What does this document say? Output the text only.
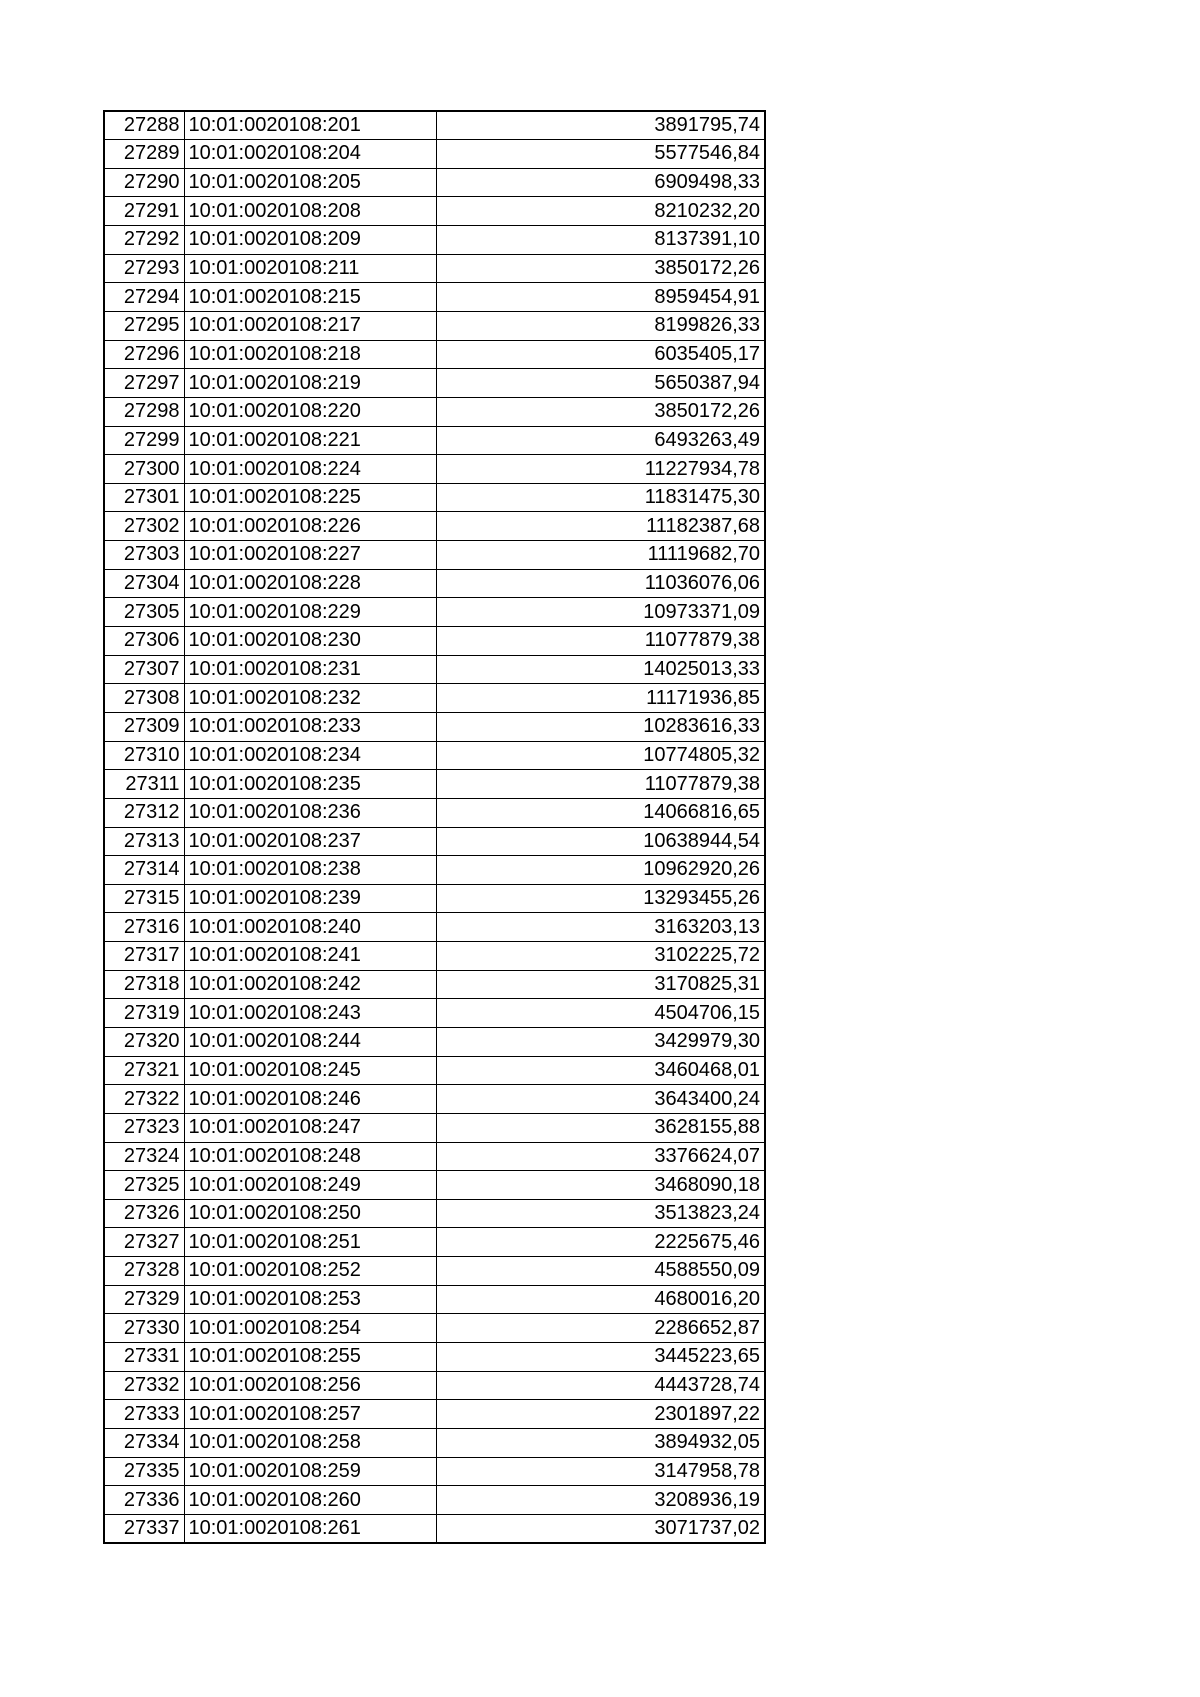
27288	10:01:0020108:201	3891795,74
27289	10:01:0020108:204	5577546,84
27290	10:01:0020108:205	6909498,33
27291	10:01:0020108:208	8210232,20
27292	10:01:0020108:209	8137391,10
27293	10:01:0020108:211	3850172,26
27294	10:01:0020108:215	8959454,91
27295	10:01:0020108:217	8199826,33
27296	10:01:0020108:218	6035405,17
27297	10:01:0020108:219	5650387,94
27298	10:01:0020108:220	3850172,26
27299	10:01:0020108:221	6493263,49
27300	10:01:0020108:224	11227934,78
27301	10:01:0020108:225	11831475,30
27302	10:01:0020108:226	11182387,68
27303	10:01:0020108:227	11119682,70
27304	10:01:0020108:228	11036076,06
27305	10:01:0020108:229	10973371,09
27306	10:01:0020108:230	11077879,38
27307	10:01:0020108:231	14025013,33
27308	10:01:0020108:232	11171936,85
27309	10:01:0020108:233	10283616,33
27310	10:01:0020108:234	10774805,32
27311	10:01:0020108:235	11077879,38
27312	10:01:0020108:236	14066816,65
27313	10:01:0020108:237	10638944,54
27314	10:01:0020108:238	10962920,26
27315	10:01:0020108:239	13293455,26
27316	10:01:0020108:240	3163203,13
27317	10:01:0020108:241	3102225,72
27318	10:01:0020108:242	3170825,31
27319	10:01:0020108:243	4504706,15
27320	10:01:0020108:244	3429979,30
27321	10:01:0020108:245	3460468,01
27322	10:01:0020108:246	3643400,24
27323	10:01:0020108:247	3628155,88
27324	10:01:0020108:248	3376624,07
27325	10:01:0020108:249	3468090,18
27326	10:01:0020108:250	3513823,24
27327	10:01:0020108:251	2225675,46
27328	10:01:0020108:252	4588550,09
27329	10:01:0020108:253	4680016,20
27330	10:01:0020108:254	2286652,87
27331	10:01:0020108:255	3445223,65
27332	10:01:0020108:256	4443728,74
27333	10:01:0020108:257	2301897,22
27334	10:01:0020108:258	3894932,05
27335	10:01:0020108:259	3147958,78
27336	10:01:0020108:260	3208936,19
27337	10:01:0020108:261	3071737,02
